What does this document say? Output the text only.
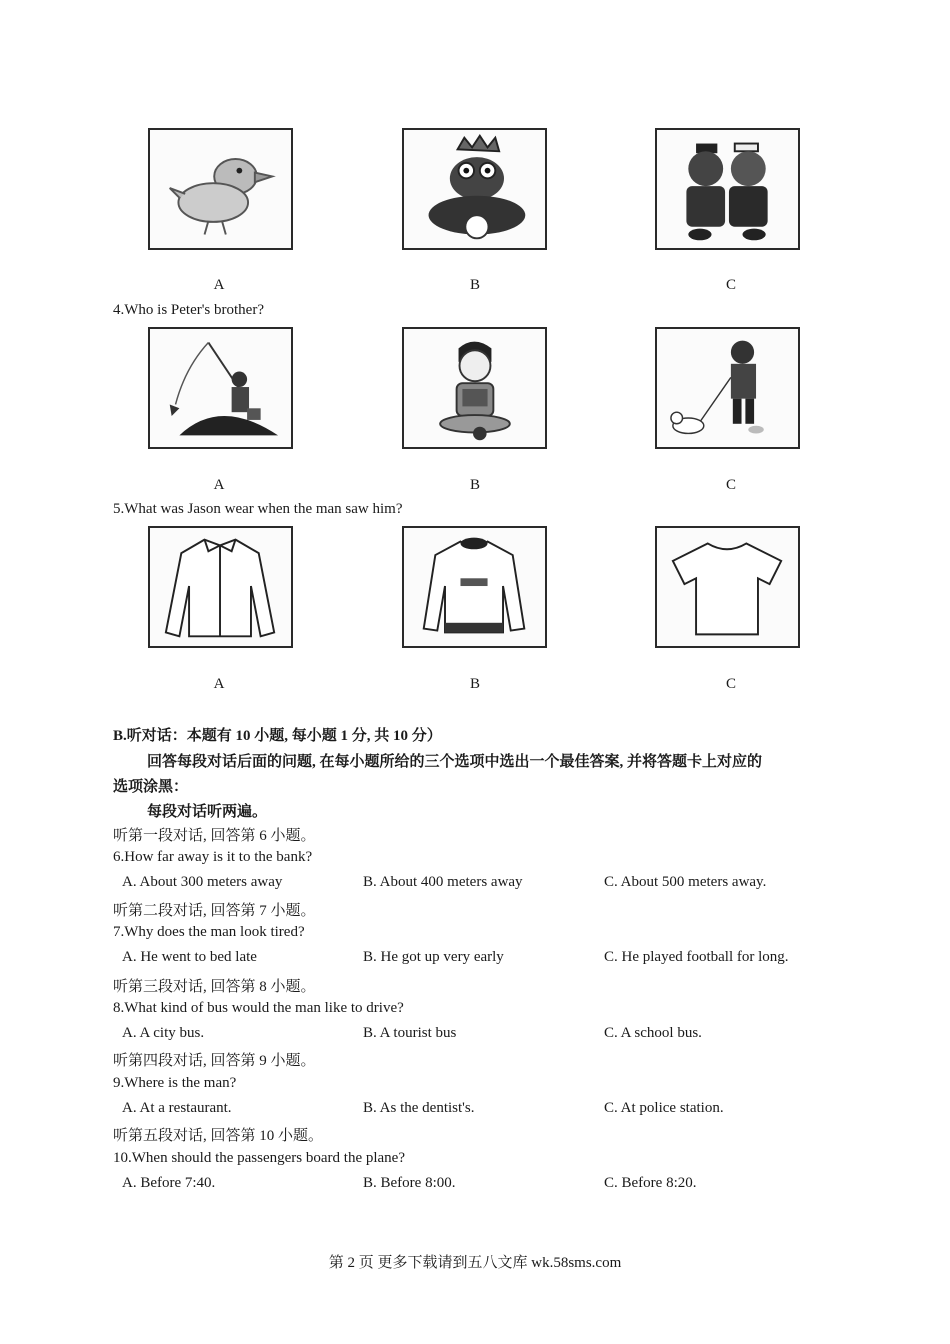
A	B	C
4.Who is Peter's brother?
A	B	C
5.What was Jason wear when the man saw him?
A	B	C
B.听对话：本题有 10 小题, 每小题 1 分, 共 10 分）
回答每段对话后面的问题, 在每小题所给的三个选项中选出一个最佳答案, 并将答题卡上对应的
选项涂黑：
每段对话听两遍。
听第一段对话, 回答第 6 小题。
6.How far away is it to the bank?
A. About 300 meters away	B. About 400 meters away	C. About 500 meters away.
听第二段对话, 回答第 7 小题。
7.Why does the man look tired?
A. He went to bed late	B. He got up very early	C. He played football for long.
听第三段对话, 回答第 8 小题。
8.What kind of bus would the man like to drive?
A. A city bus.	B. A tourist bus	C. A school bus.
听第四段对话, 回答第 9 小题。
9.Where is the man?
A. At a restaurant.	B. As the dentist's.	C. At police station.
听第五段对话, 回答第 10 小题。
10.When should the passengers board the plane?
A. Before 7:40.	B. Before 8:00.	C. Before 8:20.
第 2 页 更多下载请到五八文库 wk.58sms.com
